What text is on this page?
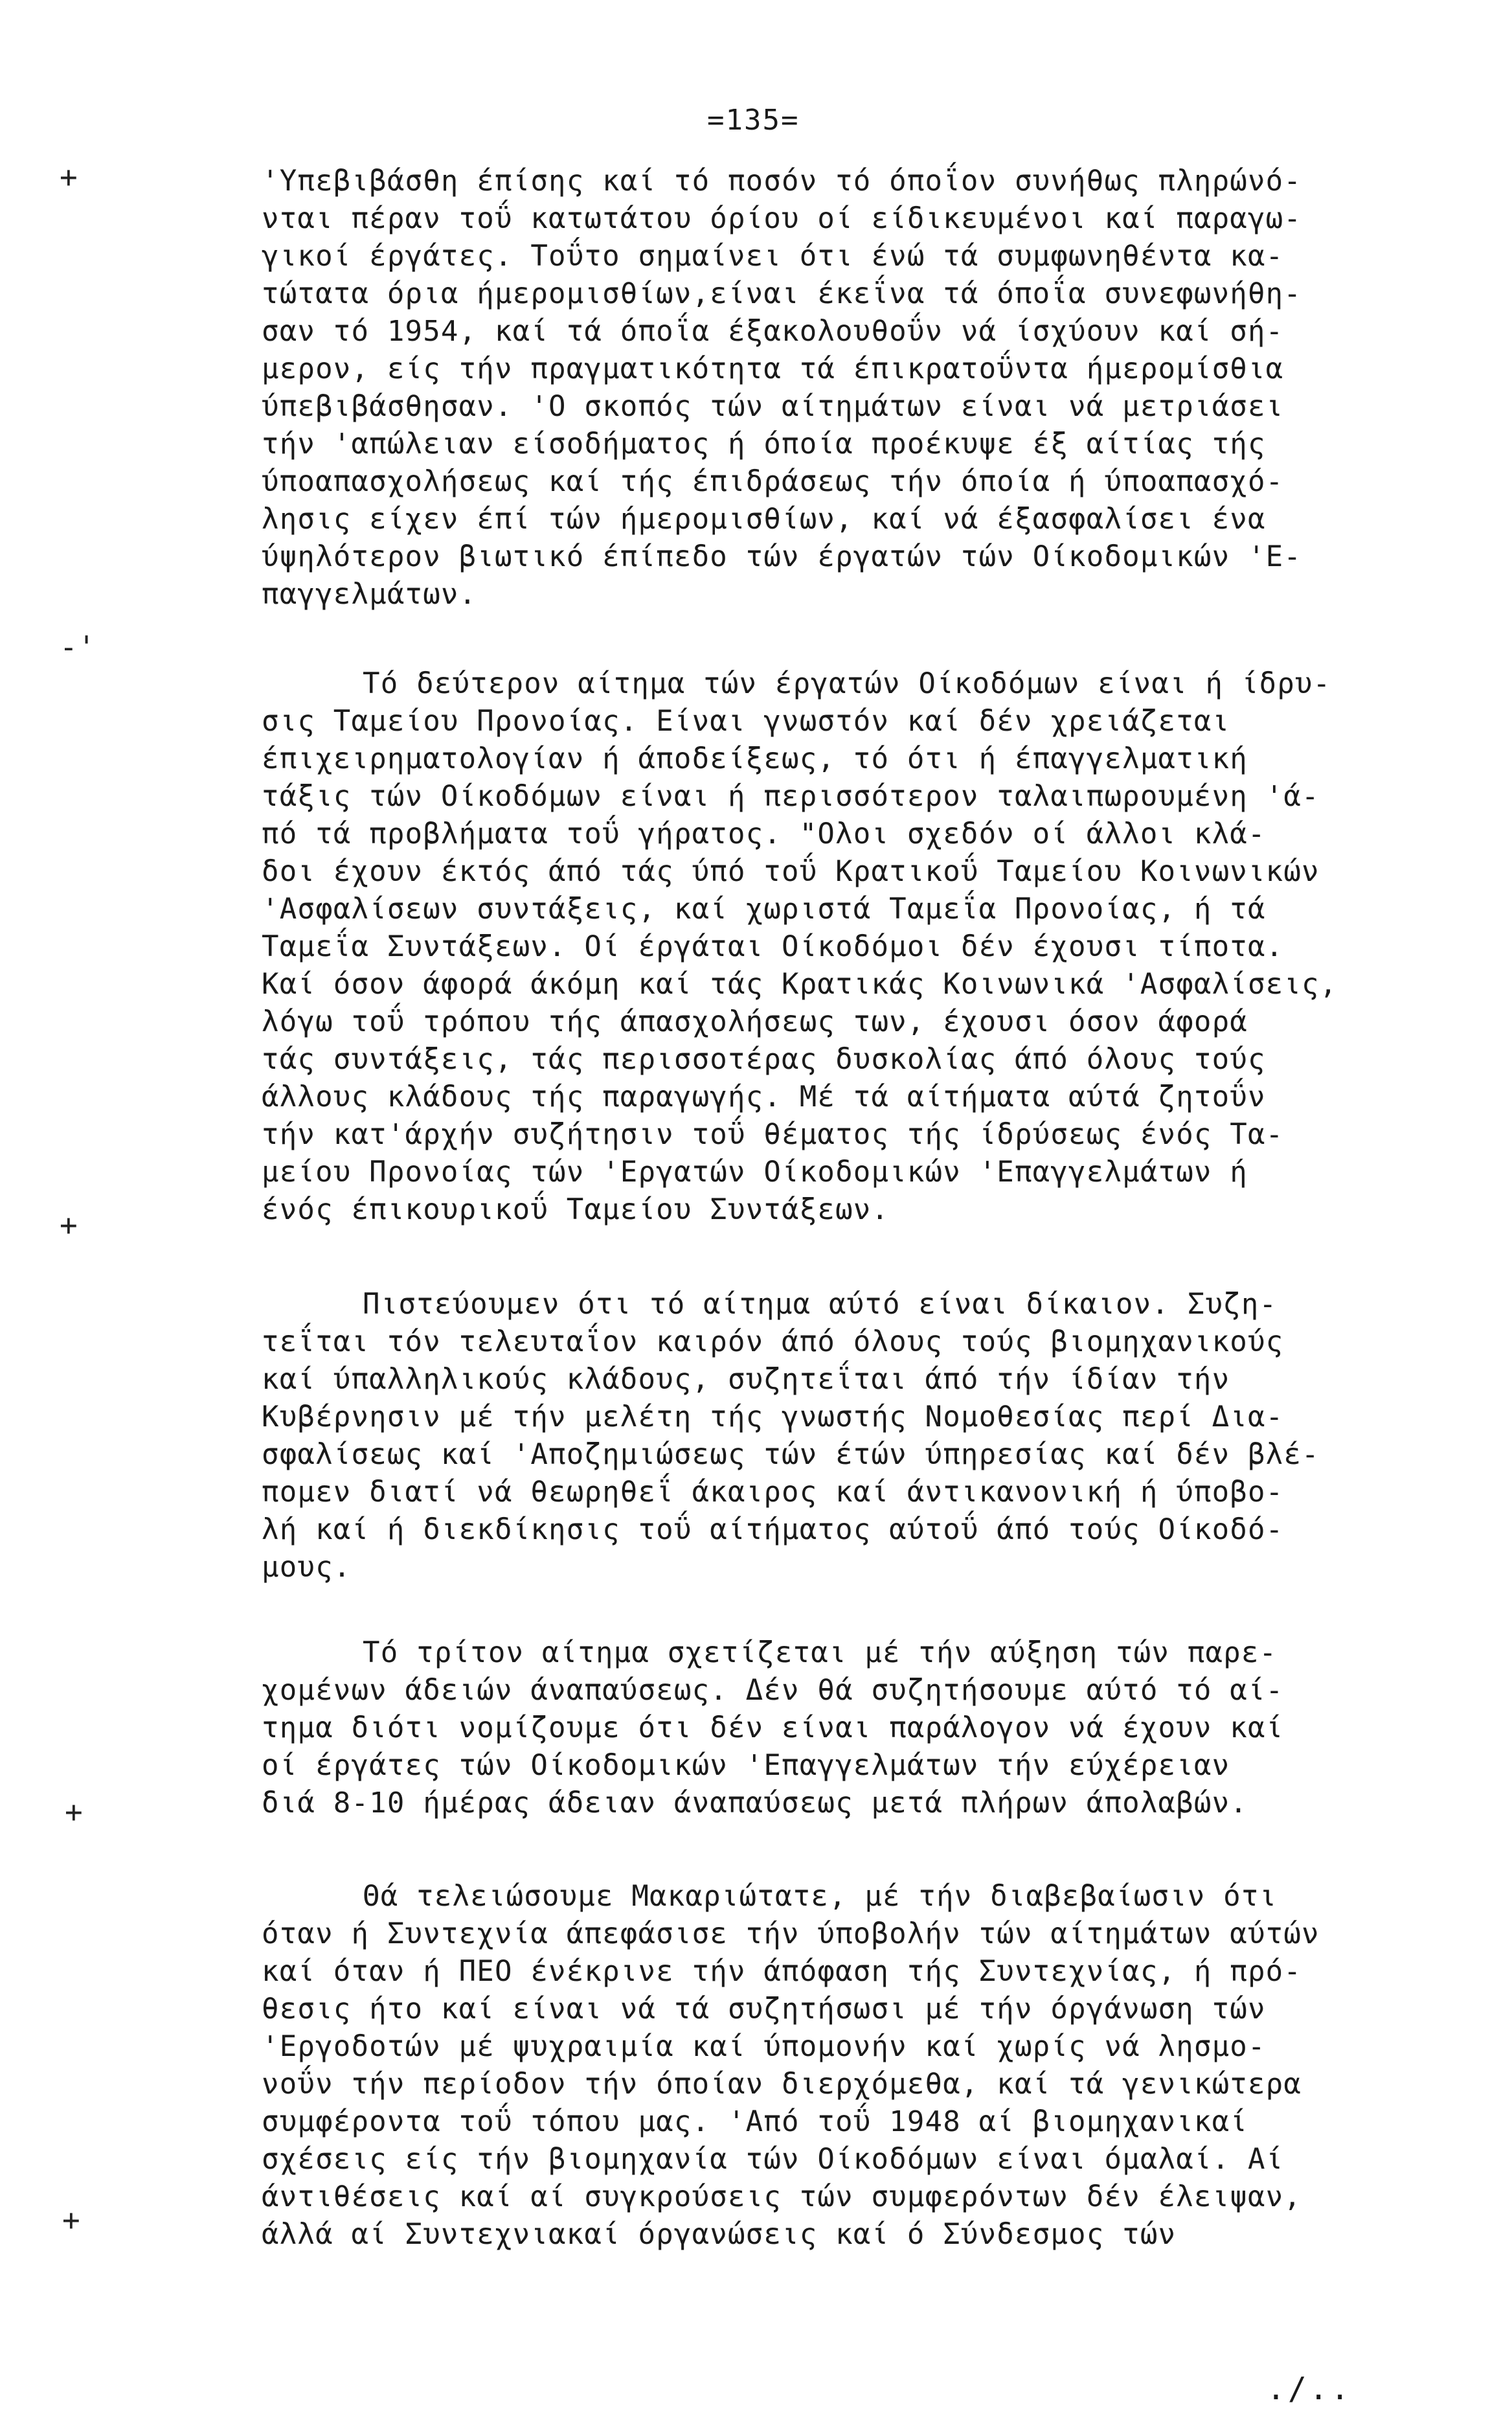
=135=
+
-'
+
+
+
'Υπεβιβάσθη έπίσης καί τό ποσόν τό όποΐον συνήθως πληρώνό-
νται πέραν τοΰ κατωτάτου όρίου οί είδικευμένοι καί παραγω-
γικοί έργάτες. Τοΰτο σημαίνει ότι ένώ τά συμφωνηθέντα κα-
τώτατα όρια ήμερομισθίων,είναι έκεΐνα τά όποΐα συνεφωνήθη-
σαν τό 1954, καί τά όποΐα έξακολουθοΰν νά ίσχύουν καί σή-
μερον, είς τήν πραγματικότητα τά έπικρατοΰντα ήμερομίσθια
ύπεβιβάσθησαν. 'Ο σκοπός τών αίτημάτων είναι νά μετριάσει
τήν 'απώλειαν είσοδήματος ή όποία προέκυψε έξ αίτίας τής
ύποαπασχολήσεως καί τής έπιδράσεως τήν όποία ή ύποαπασχό-
λησις είχεν έπί τών ήμερομισθίων, καί νά έξασφαλίσει ένα
ύψηλότερον βιωτικό έπίπεδο τών έργατών τών Οίκοδομικών 'Ε-
παγγελμάτων.
Τό δεύτερον αίτημα τών έργατών Οίκοδόμων είναι ή ίδρυ-
σις Ταμείου Προνοίας. Είναι γνωστόν καί δέν χρειάζεται
έπιχειρηματολογίαν ή άποδείξεως, τό ότι ή έπαγγελματική
τάξις τών Οίκοδόμων είναι ή περισσότερον ταλαιπωρουμένη 'ά-
πό τά προβλήματα τοΰ γήρατος. "Ολοι σχεδόν οί άλλοι κλά-
δοι έχουν έκτός άπό τάς ύπό τοΰ Κρατικοΰ Ταμείου Κοινωνικών
'Ασφαλίσεων συντάξεις, καί χωριστά Ταμεΐα Προνοίας, ή τά
Ταμεΐα Συντάξεων. Οί έργάται Οίκοδόμοι δέν έχουσι τίποτα.
Καί όσον άφορά άκόμη καί τάς Κρατικάς Κοινωνικά 'Ασφαλίσεις,
λόγω τοΰ τρόπου τής άπασχολήσεως των, έχουσι όσον άφορά
τάς συντάξεις, τάς περισσοτέρας δυσκολίας άπό όλους τούς
άλλους κλάδους τής παραγωγής. Μέ τά αίτήματα αύτά ζητοΰν
τήν κατ'άρχήν συζήτησιν τοΰ θέματος τής ίδρύσεως ένός Τα-
μείου Προνοίας τών 'Εργατών Οίκοδομικών 'Επαγγελμάτων ή
ένός έπικουρικοΰ Ταμείου Συντάξεων.
Πιστεύουμεν ότι τό αίτημα αύτό είναι δίκαιον. Συζη-
τεΐται τόν τελευταΐον καιρόν άπό όλους τούς βιομηχανικούς
καί ύπαλληλικούς κλάδους, συζητεΐται άπό τήν ίδίαν τήν
Κυβέρνησιν μέ τήν μελέτη τής γνωστής Νομοθεσίας περί Δια-
σφαλίσεως καί 'Αποζημιώσεως τών έτών ύπηρεσίας καί δέν βλέ-
πομεν διατί νά θεωρηθεΐ άκαιρος καί άντικανονική ή ύποβο-
λή καί ή διεκδίκησις τοΰ αίτήματος αύτοΰ άπό τούς Οίκοδό-
μους.
Τό τρίτον αίτημα σχετίζεται μέ τήν αύξηση τών παρε-
χομένων άδειών άναπαύσεως. Δέν θά συζητήσουμε αύτό τό αί-
τημα διότι νομίζουμε ότι δέν είναι παράλογον νά έχουν καί
οί έργάτες τών Οίκοδομικών 'Επαγγελμάτων τήν εύχέρειαν
διά 8-10 ήμέρας άδειαν άναπαύσεως μετά πλήρων άπολαβών.
Θά τελειώσουμε Μακαριώτατε, μέ τήν διαβεβαίωσιν ότι
όταν ή Συντεχνία άπεφάσισε τήν ύποβολήν τών αίτημάτων αύτών
καί όταν ή ΠΕΟ ένέκρινε τήν άπόφαση τής Συντεχνίας, ή πρό-
θεσις ήτο καί είναι νά τά συζητήσωσι μέ τήν όργάνωση τών
'Εργοδοτών μέ ψυχραιμία καί ύπομονήν καί χωρίς νά λησμο-
νοΰν τήν περίοδον τήν όποίαν διερχόμεθα, καί τά γενικώτερα
συμφέροντα τοΰ τόπου μας. 'Από τοΰ 1948 αί βιομηχανικαί
σχέσεις είς τήν βιομηχανία τών Οίκοδόμων είναι όμαλαί. Αί
άντιθέσεις καί αί συγκρούσεις τών συμφερόντων δέν έλειψαν,
άλλά αί Συντεχνιακαί όργανώσεις καί ό Σύνδεσμος τών
./..
